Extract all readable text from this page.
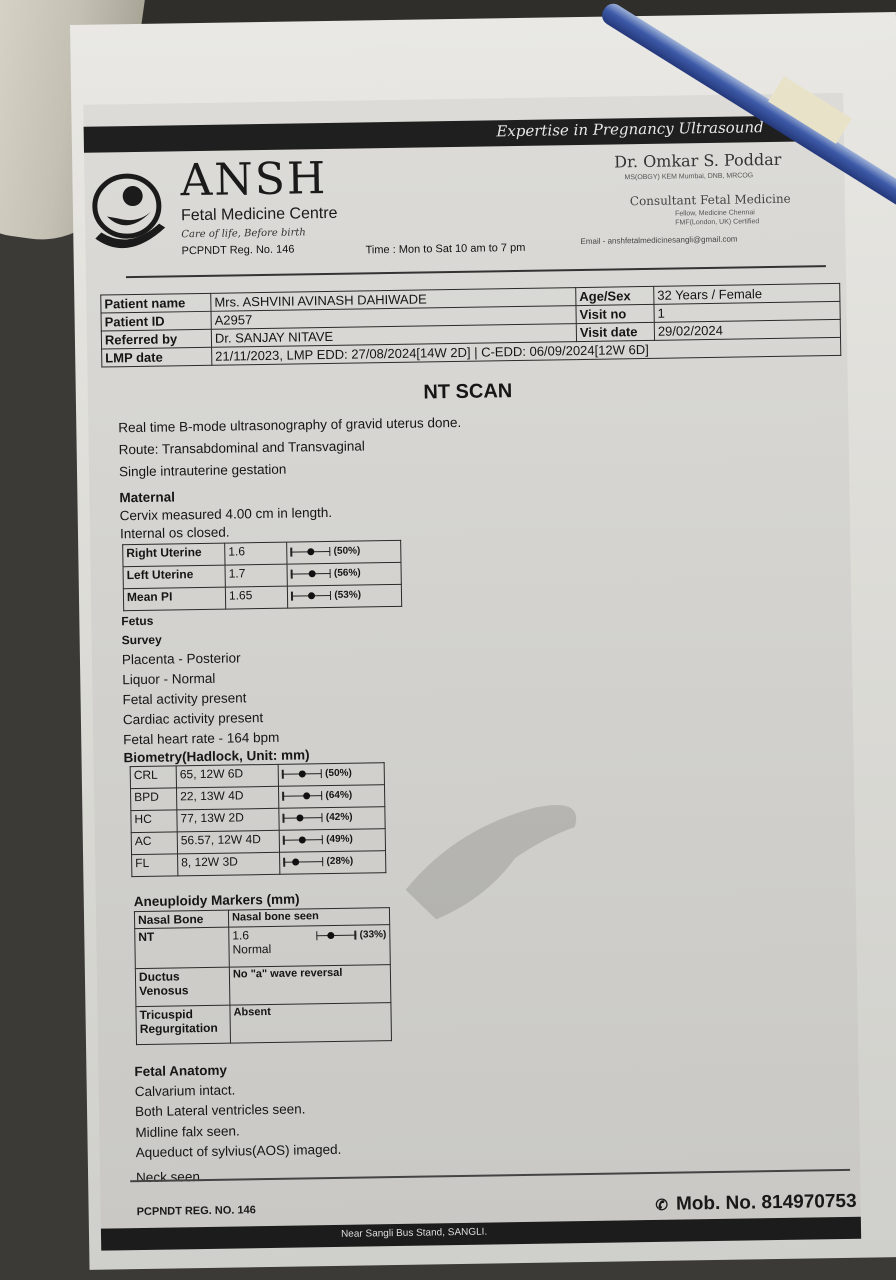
Expertise in Pregnancy Ultrasound
ANSH
Fetal Medicine Centre
Care of life, Before birth
PCPNDT Reg. No. 146	Time : Mon to Sat 10 am to 7 pm
Dr. Omkar S. Poddar
MS(OBGY) KEM Mumbai, DNB, MRCOG
Consultant Fetal Medicine
Fellow, Medicine Chennai
FMF(London, UK) Certified
Email - anshfetalmedicinesangli@gmail.com
Patient name	Mrs. ASHVINI AVINASH DAHIWADE	Age/Sex	32 Years / Female
Patient ID	A2957	Visit no	1
Referred by	Dr. SANJAY NITAVE	Visit date	29/02/2024
LMP date	21/11/2023, LMP EDD: 27/08/2024[14W 2D] | C-EDD: 06/09/2024[12W 6D]		
NT SCAN
Real time B-mode ultrasonography of gravid uterus done.
Route: Transabdominal and Transvaginal
Single intrauterine gestation
Maternal
Cervix measured 4.00 cm in length.
Internal os closed.
Right Uterine	1.6	(50%)
Left Uterine	1.7	(56%)
Mean PI	1.65	(53%)
Fetus
Survey
Placenta - Posterior
Liquor - Normal
Fetal activity present
Cardiac activity present
Fetal heart rate - 164 bpm
Biometry(Hadlock, Unit: mm)
CRL	65, 12W 6D	(50%)
BPD	22, 13W 4D	(64%)
HC	77, 13W 2D	(42%)
AC	56.57, 12W 4D	(49%)
FL	8, 12W 3D	(28%)
Aneuploidy Markers (mm)
Nasal Bone	Nasal bone seen
NT	1.6 (33%)
Normal

Ductus
Venosus	No "a" wave reversal

Tricuspid
Regurgitation	Absent
Fetal Anatomy
Calvarium intact.
Both Lateral ventricles seen.
Midline falx seen.
Aqueduct of sylvius(AOS) imaged.
Neck seen.
PCPNDT REG. NO. 146	✆ Mob. No. 814970753
Near Sangli Bus Stand, SANGLI.
